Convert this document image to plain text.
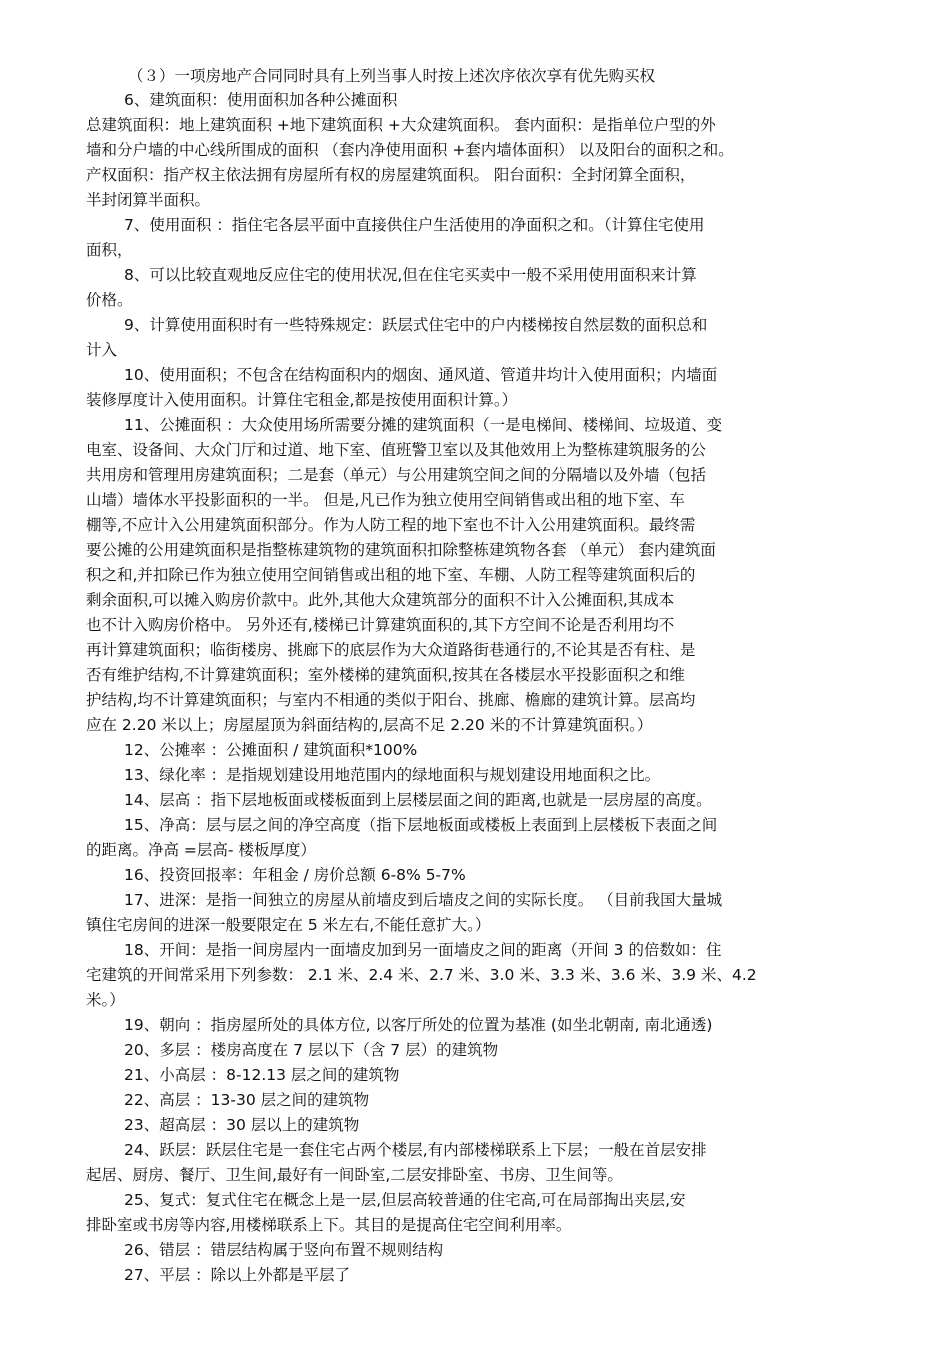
（３）一项房地产合同同时具有上列当事人时按上述次序依次享有优先购买权
6、建筑面积：使用面积加各种公摊面积
总建筑面积：地上建筑面积 +地下建筑面积 +大众建筑面积。 套内面积：是指单位户型的外
墙和分户墙的中心线所围成的面积 （套内净使用面积 +套内墙体面积） 以及阳台的面积之和。
产权面积：指产权主依法拥有房屋所有权的房屋建筑面积。 阳台面积：全封闭算全面积，
半封闭算半面积。
7、使用面积 ：指住宅各层平面中直接供住户生活使用的净面积之和。（计算住宅使用
面积，
8、可以比较直观地反应住宅的使用状况,但在住宅买卖中一般不采用使用面积来计算
价格。
9、计算使用面积时有一些特殊规定：跃层式住宅中的户内楼梯按自然层数的面积总和
计入
10、使用面积；不包含在结构面积内的烟囱、通风道、管道井均计入使用面积；内墙面
装修厚度计入使用面积。计算住宅租金,都是按使用面积计算。）
11、公摊面积 ：大众使用场所需要分摊的建筑面积（一是电梯间、楼梯间、垃圾道、变
电室、设备间、大众门厅和过道、地下室、值班警卫室以及其他效用上为整栋建筑服务的公
共用房和管理用房建筑面积；二是套（单元）与公用建筑空间之间的分隔墙以及外墙（包括
山墙）墙体水平投影面积的一半。 但是,凡已作为独立使用空间销售或出租的地下室、车
棚等,不应计入公用建筑面积部分。作为人防工程的地下室也不计入公用建筑面积。最终需
要公摊的公用建筑面积是指整栋建筑物的建筑面积扣除整栋建筑物各套 （单元） 套内建筑面
积之和,并扣除已作为独立使用空间销售或出租的地下室、车棚、人防工程等建筑面积后的
剩余面积,可以摊入购房价款中。此外,其他大众建筑部分的面积不计入公摊面积,其成本
也不计入购房价格中。 另外还有,楼梯已计算建筑面积的,其下方空间不论是否利用均不
再计算建筑面积；临街楼房、挑廊下的底层作为大众道路街巷通行的,不论其是否有柱、是
否有维护结构,不计算建筑面积；室外楼梯的建筑面积,按其在各楼层水平投影面积之和维
护结构,均不计算建筑面积；与室内不相通的类似于阳台、挑廊、檐廊的建筑计算。层高均
应在 2.20 米以上；房屋屋顶为斜面结构的,层高不足 2.20 米的不计算建筑面积。）
12、公摊率 ：公摊面积 / 建筑面积*100%
13、绿化率 ：是指规划建设用地范围内的绿地面积与规划建设用地面积之比。
14、层高 ：指下层地板面或楼板面到上层楼层面之间的距离,也就是一层房屋的高度。
15、净高：层与层之间的净空高度（指下层地板面或楼板上表面到上层楼板下表面之间
的距离。净高 =层高- 楼板厚度）
16、投资回报率：年租金 / 房价总额 6-8% 5-7%
17、进深：是指一间独立的房屋从前墙皮到后墙皮之间的实际长度。 （目前我国大量城
镇住宅房间的进深一般要限定在 5 米左右,不能任意扩大。）
18、开间：是指一间房屋内一面墙皮加到另一面墙皮之间的距离（开间 3 的倍数如：住
宅建筑的开间常采用下列参数： 2.1 米、2.4 米、2.7 米、3.0 米、3.3 米、3.6 米、3.9 米、4.2
米。）
19、朝向 ：指房屋所处的具体方位, 以客厅所处的位置为基准 (如坐北朝南, 南北通透)
20、多层 ：楼房高度在 7 层以下（含 7 层）的建筑物
21、小高层 ：8-12.13 层之间的建筑物
22、高层 ：13-30 层之间的建筑物
23、超高层 ：30 层以上的建筑物
24、跃层：跃层住宅是一套住宅占两个楼层,有内部楼梯联系上下层；一般在首层安排
起居、厨房、餐厅、卫生间,最好有一间卧室,二层安排卧室、书房、卫生间等。
25、复式：复式住宅在概念上是一层,但层高较普通的住宅高,可在局部掏出夹层,安
排卧室或书房等内容,用楼梯联系上下。其目的是提高住宅空间利用率。
26、错层 ：错层结构属于竖向布置不规则结构
27、平层 ：除以上外都是平层了
